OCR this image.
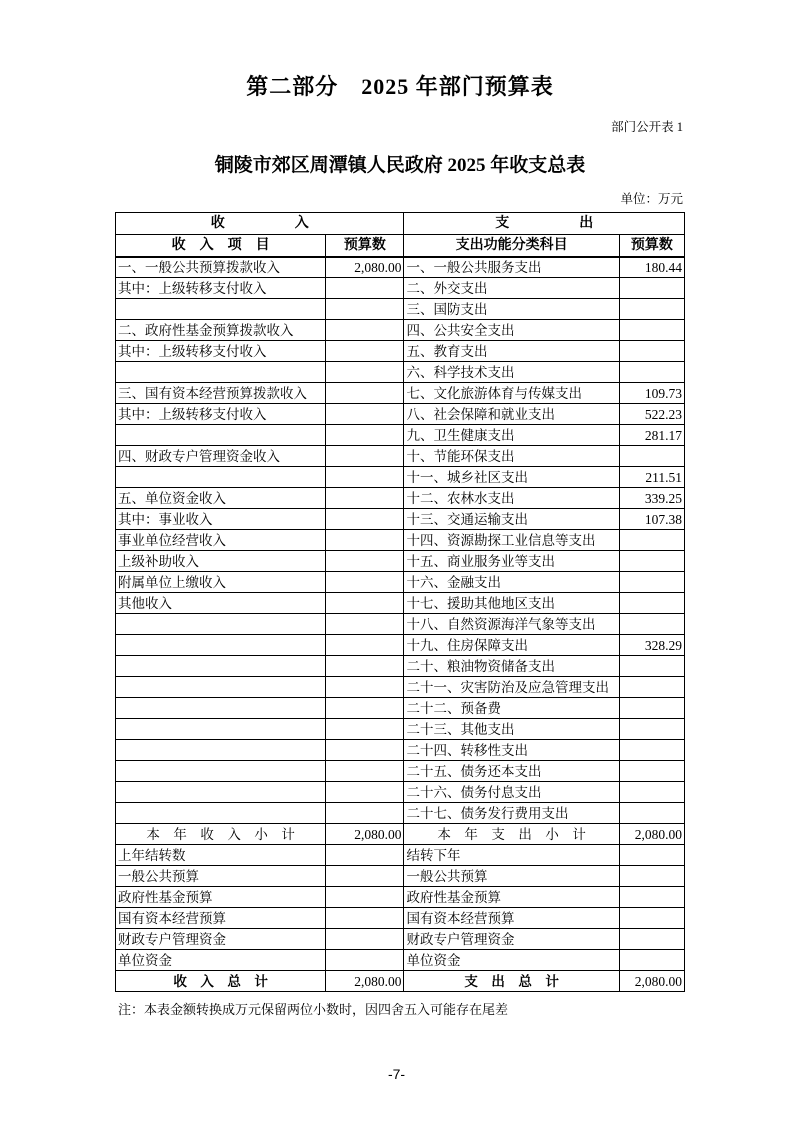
第二部分　2025 年部门预算表
部门公开表 1
铜陵市郊区周潭镇人民政府 2025 年收支总表
单位：万元
收　　　　　入		支　　　　　出	
收　入　项　目	预算数	支出功能分类科目	预算数
一、一般公共预算拨款收入	2,080.00	一、一般公共服务支出	180.44
其中：上级转移支付收入		二、外交支出	
		三、国防支出	
二、政府性基金预算拨款收入		四、公共安全支出	
其中：上级转移支付收入		五、教育支出	
		六、科学技术支出	
三、国有资本经营预算拨款收入		七、文化旅游体育与传媒支出	109.73
其中：上级转移支付收入		八、社会保障和就业支出	522.23
		九、卫生健康支出	281.17
四、财政专户管理资金收入		十、节能环保支出	
		十一、城乡社区支出	211.51
五、单位资金收入		十二、农林水支出	339.25
其中：事业收入		十三、交通运输支出	107.38
事业单位经营收入		十四、资源勘探工业信息等支出	
上级补助收入		十五、商业服务业等支出	
附属单位上缴收入		十六、金融支出	
其他收入		十七、援助其他地区支出	
		十八、自然资源海洋气象等支出	
		十九、住房保障支出	328.29
		二十、粮油物资储备支出	
		二十一、灾害防治及应急管理支出	
		二十二、预备费	
		二十三、其他支出	
		二十四、转移性支出	
		二十五、债务还本支出	
		二十六、债务付息支出	
		二十七、债务发行费用支出	
本　年　收　入　小　计	2,080.00	本　年　支　出　小　计	2,080.00
上年结转数		结转下年	
一般公共预算		一般公共预算	
政府性基金预算		政府性基金预算	
国有资本经营预算		国有资本经营预算	
财政专户管理资金		财政专户管理资金	
单位资金		单位资金	
收　入　总　计	2,080.00	支　出　总　计	2,080.00
注：本表金额转换成万元保留两位小数时，因四舍五入可能存在尾差
-7-
